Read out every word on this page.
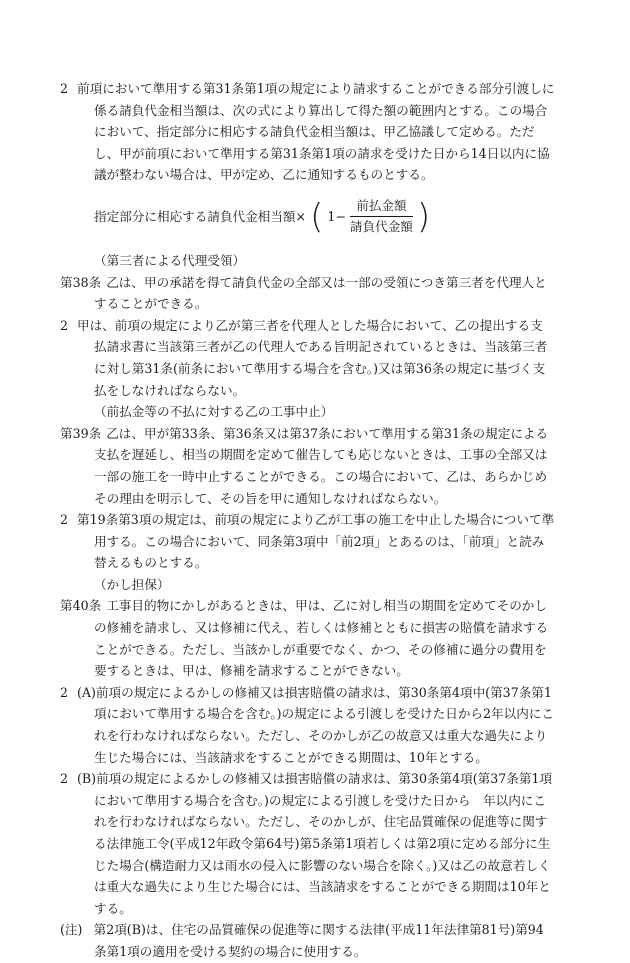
2 前項において準用する第31条第1項の規定により請求することができる部分引渡しに係る請負代金相当額は、次の式により算出して得た額の範囲内とする。この場合において、指定部分に相応する請負代金相当額は、甲乙協議して定める。ただし、甲が前項において準用する第31条第1項の請求を受けた日から14日以内に協議が整わない場合は、甲が定め、乙に通知するものとする。
指定部分に相応する請負代金相当額× ( $1- \frac{\text{前払金額}}{\text{請負代金額}}$ )
（第三者による代理受領）
第38条
　　 乙は、甲の承諾を得て請負代金の全部又は一部の受領につき第三者を代理人とすることができる。
2 甲は、前項の規定により乙が第三者を代理人とした場合において、乙の提出する支払請求書に当該第三者が乙の代理人である旨明記されているときは、当該第三者に対し第31条(前条において準用する場合を含む。)又は第36条の規定に基づく支払をしなければならない。
（前払金等の不払に対する乙の工事中止）
第39条
　　 乙は、甲が第33条、第36条又は第37条において準用する第31条の規定による支払を遅延し、相当の期間を定めて催告しても応じないときは、工事の全部又は一部の施工を一時中止することができる。この場合において、乙は、あらかじめその理由を明示して、その旨を甲に通知しなければならない。
2 第19条第3項の規定は、前項の規定により乙が工事の施工を中止した場合について準用する。この場合において、同条第3項中「前2項」とあるのは、「前項」と読み替えるものとする。
（かし担保）
第40条
　　 工事目的物にかしがあるときは、甲は、乙に対し相当の期間を定めてそのかしの修補を請求し、又は修補に代え、若しくは修補とともに損害の賠償を請求することができる。ただし、当該かしが重要でなく、かつ、その修補に過分の費用を要するときは、甲は、修補を請求することができない。
2 (A)前項の規定によるかしの修補又は損害賠償の請求は、第30条第4項中(第37条第1項において準用する場合を含む。)の規定による引渡しを受けた日から2年以内にこれを行わなければならない。ただし、そのかしが乙の故意又は重大な過失により生じた場合には、当該請求をすることができる期間は、10年とする。
2 (B)前項の規定によるかしの修補又は損害賠償の請求は、第30条第4項(第37条第1項において準用する場合を含む。)の規定による引渡しを受けた日から　年以内にこれを行わなければならない。ただし、そのかしが、住宅品質確保の促進等に関する法律施工令(平成12年政令第64号)第5条第1項若しくは第2項に定める部分に生じた場合(構造耐力又は雨水の侵入に影響のない場合を除く。)又は乙の故意若しくは重大な過失により生じた場合には、当該請求をすることができる期間は10年とする。
(注)
　 第2項(B)は、住宅の品質確保の促進等に関する法律(平成11年法律第81号)第94条第1項の適用を受ける契約の場合に使用する。
